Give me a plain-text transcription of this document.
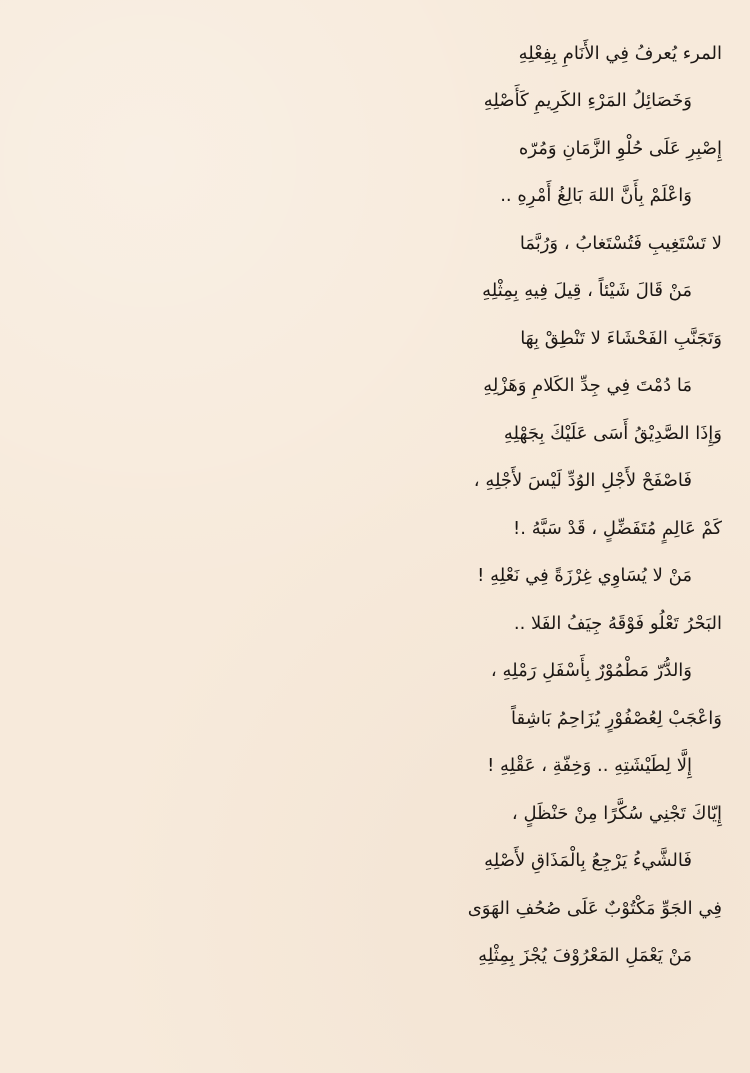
المرء يُعرفُ فِي الأَنَامِ بِفِعْلِهِ
وَخَصَائِلُ المَرْءِ الكَرِيمِ كَأَصْلِهِ
إِصْبِرِ عَلَى حُلْوِ الزَّمَانِ وَمُرّه
وَاعْلَمْ بِأَنَّ اللهَ بَالِغُ أَمْرِهِ ..
لا تَسْتَغِيبِ فَتُسْتَغابُ ، وَرُبَّمَا
مَنْ قَالَ شَيْئاً ، قِيلَ فِيهِ بِمِثْلِهِ
وَتَجَنَّبِ الفَحْشَاءَ لا تَنْطِقْ بِهَا
مَا دُمْتَ فِي جِدِّ الكَلامِ وَهَزْلِهِ
وَإِذَا الصَّدِيْقُ أَسَى عَلَيْكَ بِجَهْلِهِ
فَاصْفَحْ لأَجْلِ الوُدِّ لَيْسَ لأَجْلِهِ ،
كَمْ عَالِمٍ مُتَفَضِّلٍ ، قَدْ سَبَّهُ .!
مَنْ لا يُسَاوِي غِرْزَةً فِي نَعْلِهِ !
البَحْرُ تَعْلُو فَوْقَهُ جِيَفُ الفَلا ..
وَالدُّرّ مَطْمُوْرٌ بِأَسْفَلِ رَمْلِهِ ،
وَاعْجَبْ لِعُصْفُوْرٍ يُزَاحِمُ بَاشِقاً
إِلَّا لِطَيْشَتِهِ .. وَخِفّةِ ، عَقْلِهِ !
إِيّاكَ تَجْنِي سُكَّرًا مِنْ حَنْظَلٍ ،
فَالشَّيءُ يَرْجِعُ بِالْمَذَاقِ لأَصْلِهِ
فِي الجَوِّ مَكْتُوْبٌ عَلَى صُحُفِ الهَوَى
مَنْ يَعْمَلِ المَعْرُوْفَ يُجْزَ بِمِثْلِهِ
